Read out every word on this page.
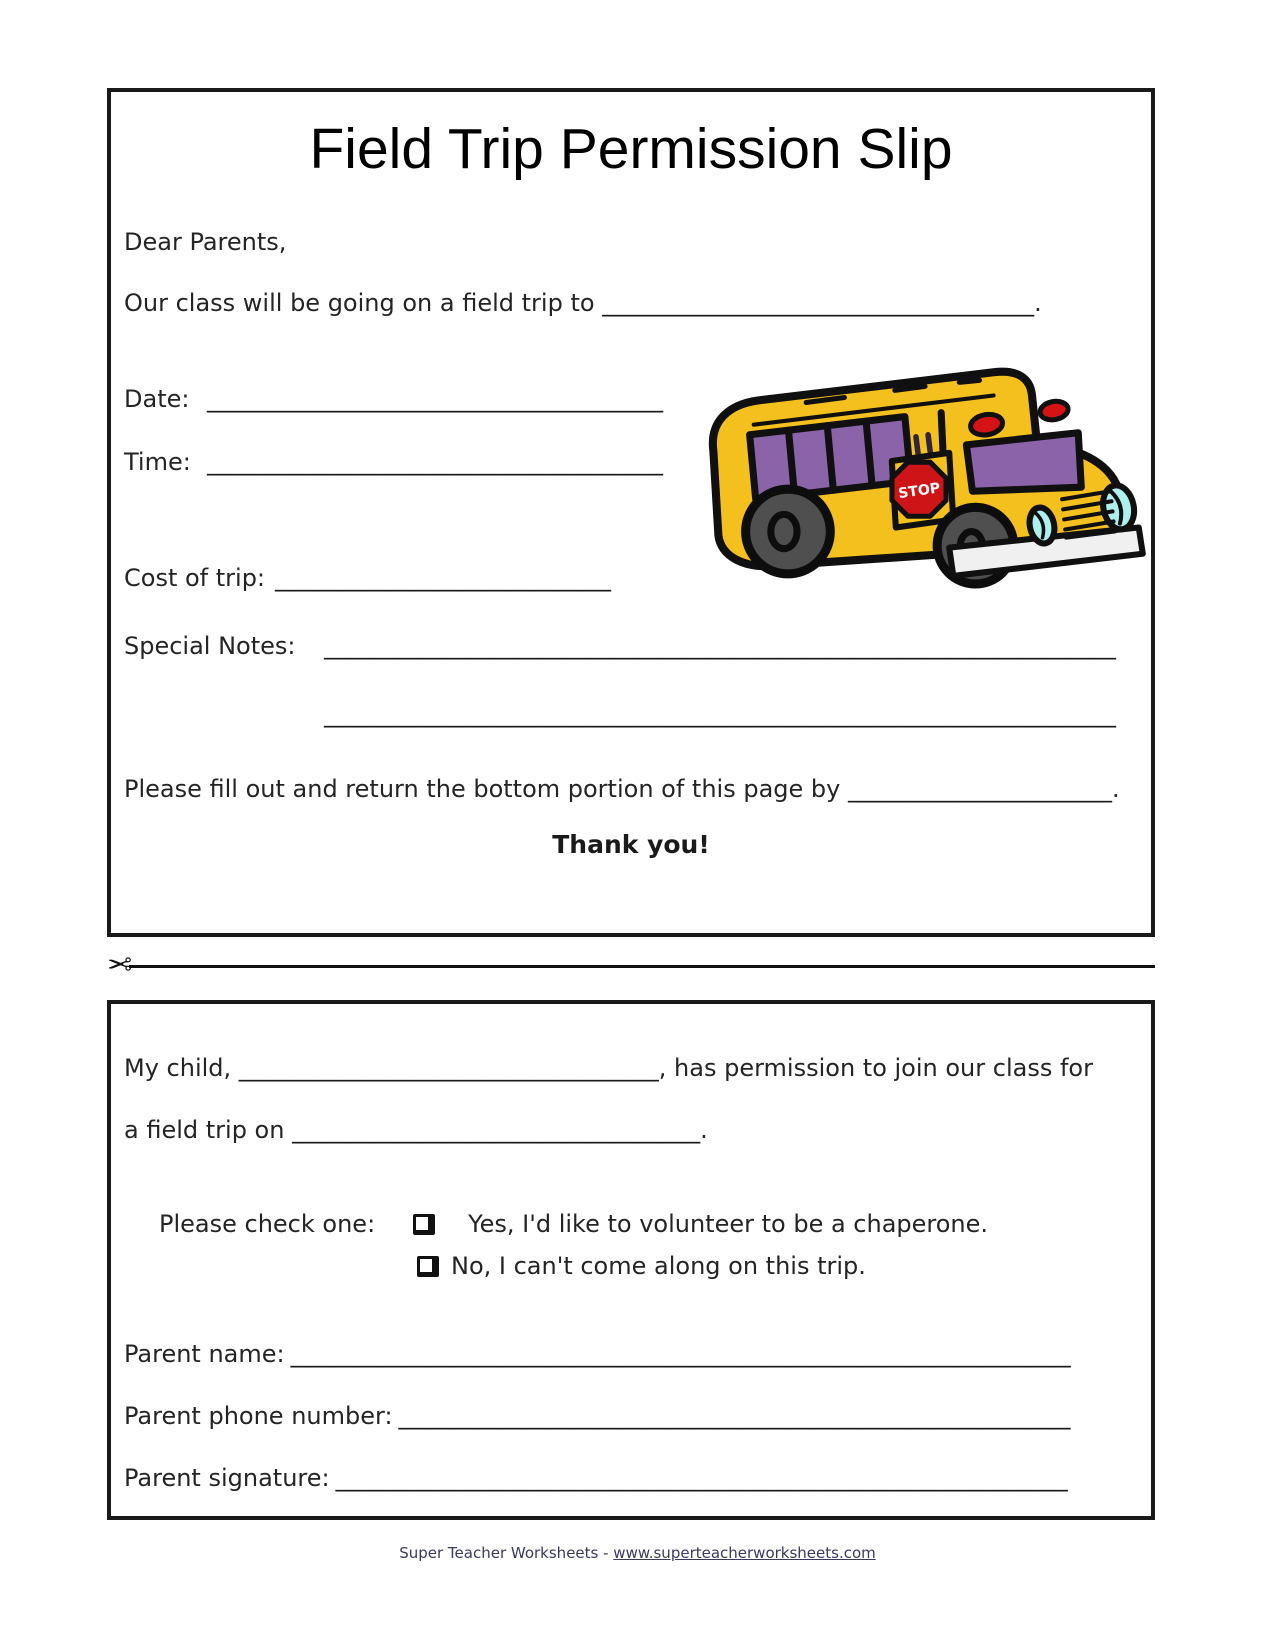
Field Trip Permission Slip
Dear Parents,
Our class will be going on a field trip to ____________________________________.
Date: ______________________________________
Time: ______________________________________
Cost of trip: ____________________________
Special Notes: __________________________________________________________________
__________________________________________________________________
Please fill out and return the bottom portion of this page by ______________________.
Thank you!
STOP
✂
My child, ___________________________________, has permission to join our class for
a field trip on __________________________________.
Please check one:	Yes, I'd like to volunteer to be a chaperone.
No, I can't come along on this trip.
Parent name: _________________________________________________________________
Parent phone number: ________________________________________________________
Parent signature: _____________________________________________________________
Super Teacher Worksheets - www.superteacherworksheets.com
